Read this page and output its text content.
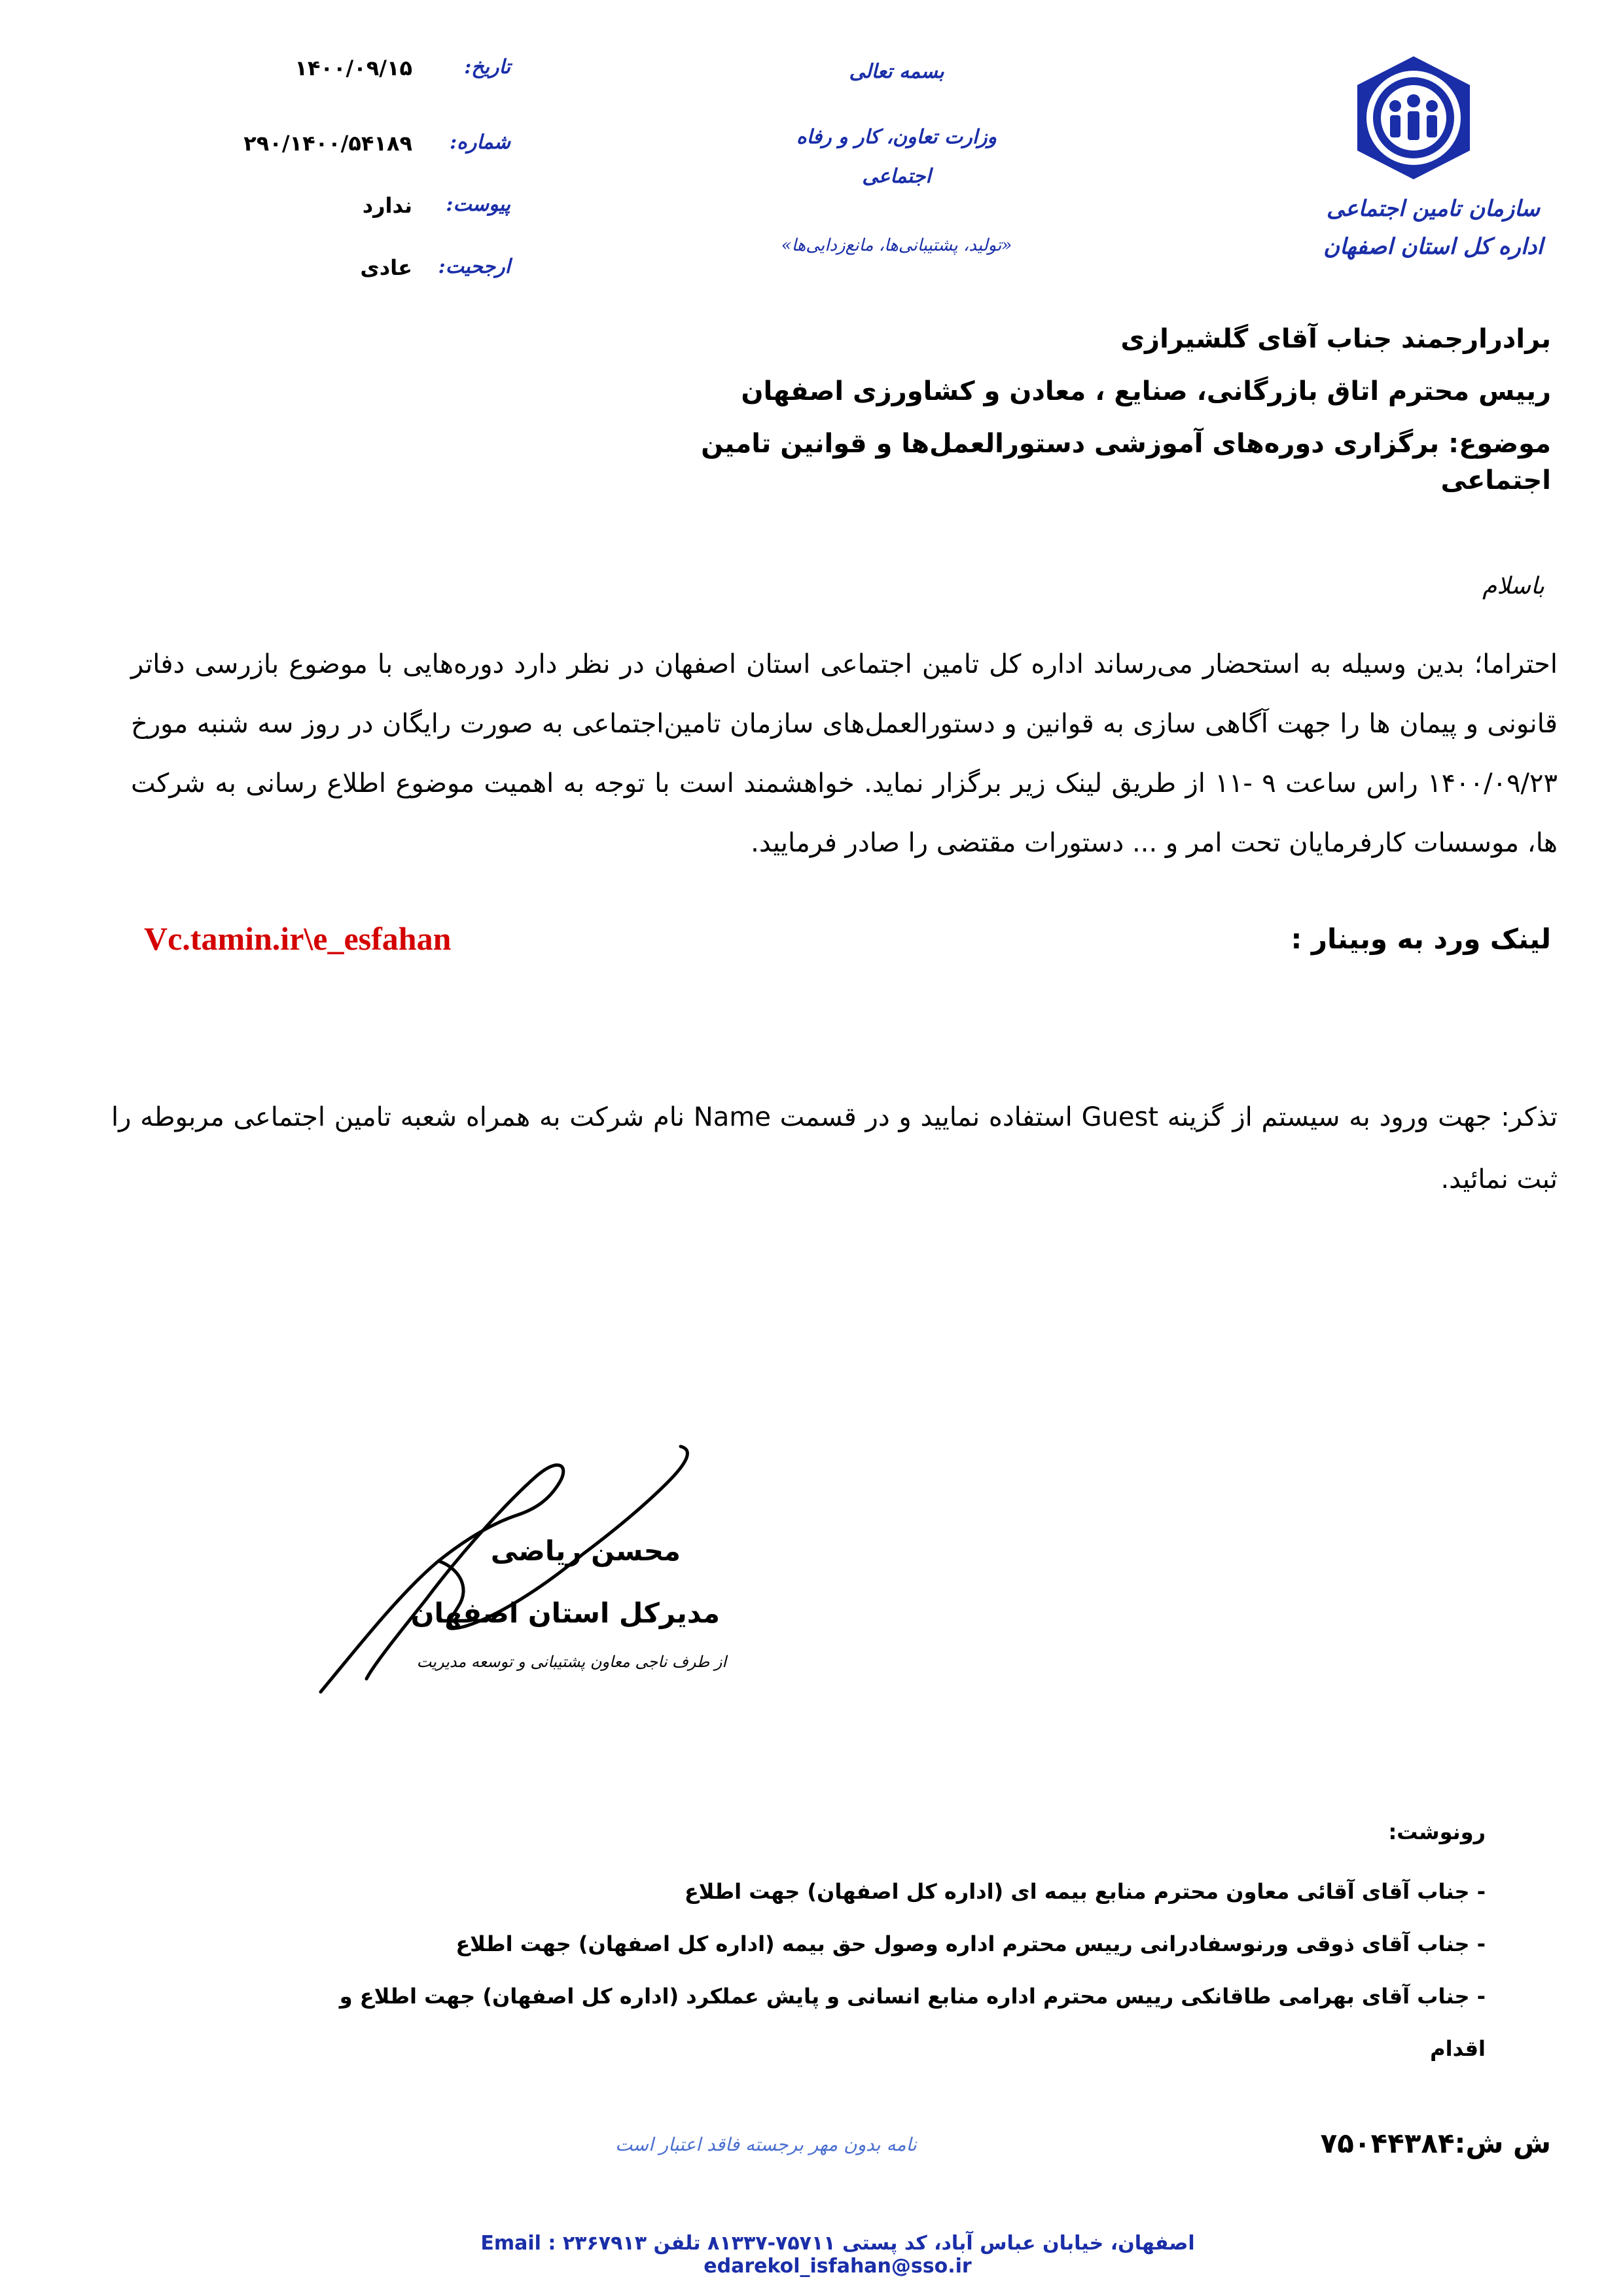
سازمان تامین اجتماعی
اداره کل استان اصفهان
بسمه تعالی
وزارت تعاون، کار و رفاه اجتماعی
«تولید، پشتیبانی‌ها، مانع‌زدایی‌ها»
تاریخ:
۱۴۰۰/۰۹/۱۵
شماره:
۲۹۰/۱۴۰۰/۵۴۱۸۹
پیوست:
ندارد
ارجحیت:
عادی
برادرارجمند جناب آقای گلشیرازی
رییس محترم اتاق بازرگانی، صنایع ، معادن و کشاورزی اصفهان
موضوع: برگزاری دوره‌های آموزشی دستورالعمل‌ها و قوانین تامین اجتماعی
باسلام
احتراما؛ بدین وسیله به استحضار می‌رساند اداره کل تامین اجتماعی استان اصفهان در نظر دارد دوره‌هایی با موضوع بازرسی دفاتر قانونی و پیمان ها را جهت آگاهی سازی به قوانین و دستورالعمل‌های سازمان تامین‌اجتماعی به صورت رایگان در روز سه شنبه مورخ ۱۴۰۰/۰۹/۲۳ راس ساعت ۹ -۱۱ از طریق لینک زیر برگزار نماید. خواهشمند است با توجه به اهمیت موضوع اطلاع رسانی به شرکت ها، موسسات کارفرمایان تحت امر و ... دستورات مقتضی را صادر فرمایید.
لینک ورد به وبینار :
Vc.tamin.ir\e_esfahan
تذکر: جهت ورود به سیستم از گزینه Guest استفاده نمایید و در قسمت Name نام شرکت به همراه شعبه تامین اجتماعی مربوطه را ثبت نمائید.
محسن ریاضی
مدیرکل استان اصفهان
از طرف ناجی معاون پشتیبانی و توسعه مدیریت
رونوشت:
- جناب آقای آقائی معاون محترم منابع بیمه ای (اداره کل اصفهان) جهت اطلاع
- جناب آقای ذوقی ورنوسفادرانی رییس محترم اداره وصول حق بیمه (اداره کل اصفهان) جهت اطلاع
- جناب آقای بهرامی طاقانکی رییس محترم اداره منابع انسانی و پایش عملکرد (اداره کل اصفهان) جهت اطلاع و اقدام
ش ش:۷۵۰۴۴۳۸۴
نامه بدون مهر برجسته فاقد اعتبار است
اصفهان، خیابان عباس آباد، کد پستی ۷۵۷۱۱-۸۱۳۳۷ تلفن ۲۳۶۷۹۱۳ Email : edarekol_isfahan@sso.ir
